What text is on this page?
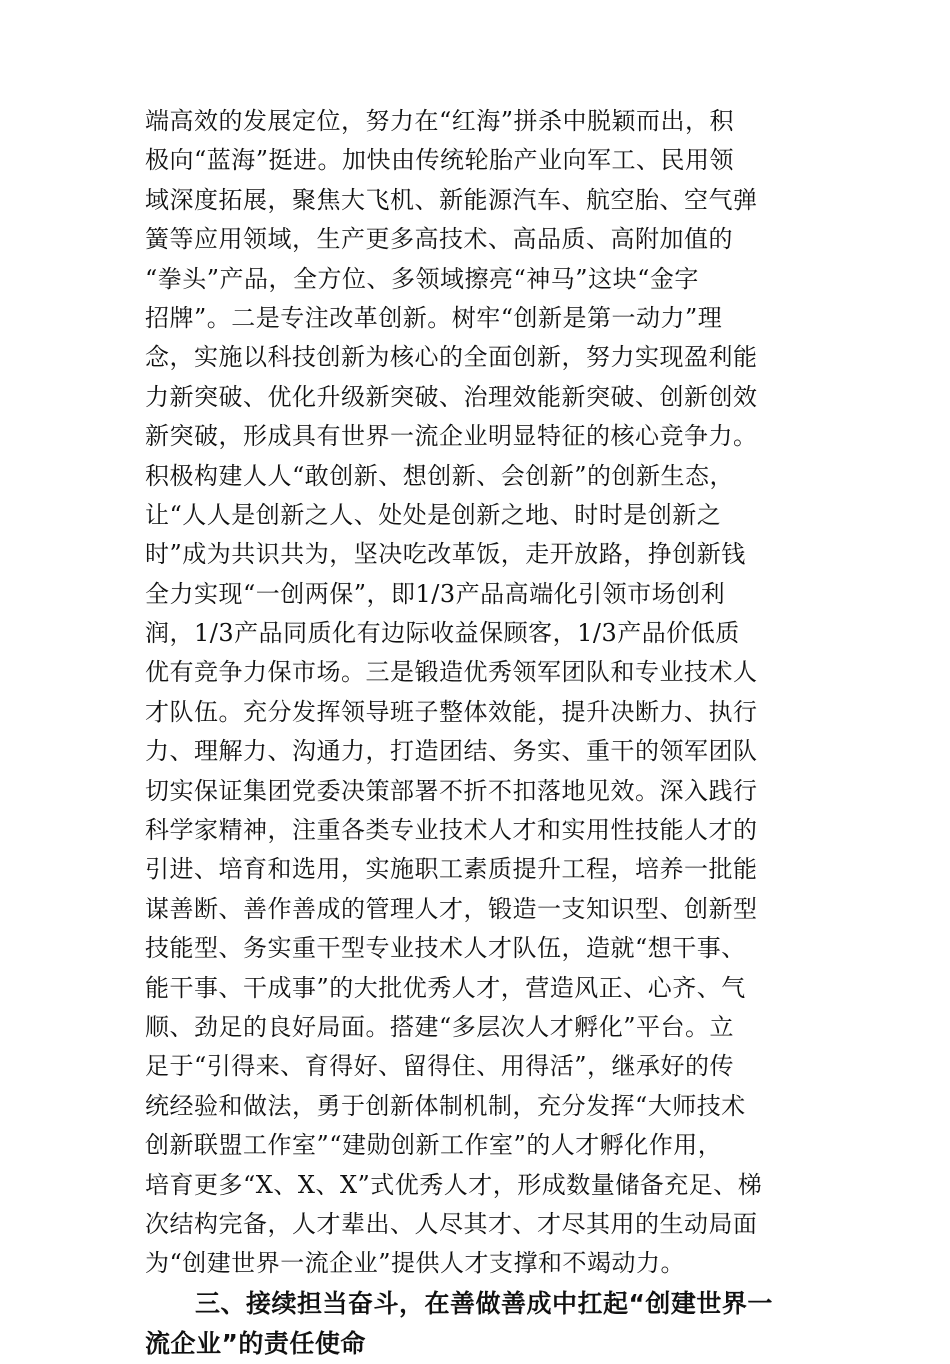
端高效的发展定位，努力在“红海”拼杀中脱颖而出，积
极向“蓝海”挺进。加快由传统轮胎产业向军工、民用领
域深度拓展，聚焦大飞机、新能源汽车、航空胎、空气弹
簧等应用领域，生产更多高技术、高品质、高附加值的
“拳头”产品，全方位、多领域擦亮“神马”这块“金字
招牌”。二是专注改革创新。树牢“创新是第一动力”理
念，实施以科技创新为核心的全面创新，努力实现盈利能
力新突破、优化升级新突破、治理效能新突破、创新创效
新突破，形成具有世界一流企业明显特征的核心竞争力。
积极构建人人“敢创新、想创新、会创新”的创新生态，
让“人人是创新之人、处处是创新之地、时时是创新之
时”成为共识共为，坚决吃改革饭，走开放路，挣创新钱
全力实现“一创两保”，即1/3产品高端化引领市场创利
润，1/3产品同质化有边际收益保顾客，1/3产品价低质
优有竞争力保市场。三是锻造优秀领军团队和专业技术人
才队伍。充分发挥领导班子整体效能，提升决断力、执行
力、理解力、沟通力，打造团结、务实、重干的领军团队
切实保证集团党委决策部署不折不扣落地见效。深入践行
科学家精神，注重各类专业技术人才和实用性技能人才的
引进、培育和选用，实施职工素质提升工程，培养一批能
谋善断、善作善成的管理人才，锻造一支知识型、创新型
技能型、务实重干型专业技术人才队伍，造就“想干事、
能干事、干成事”的大批优秀人才，营造风正、心齐、气
顺、劲足的良好局面。搭建“多层次人才孵化”平台。立
足于“引得来、育得好、留得住、用得活”，继承好的传
统经验和做法，勇于创新体制机制，充分发挥“大师技术
创新联盟工作室”“建勋创新工作室”的人才孵化作用，
培育更多“X、X、X”式优秀人才，形成数量储备充足、梯
次结构完备，人才辈出、人尽其才、才尽其用的生动局面
为“创建世界一流企业”提供人才支撑和不竭动力。
三、接续担当奋斗，在善做善成中扛起“创建世界一
流企业”的责任使命
